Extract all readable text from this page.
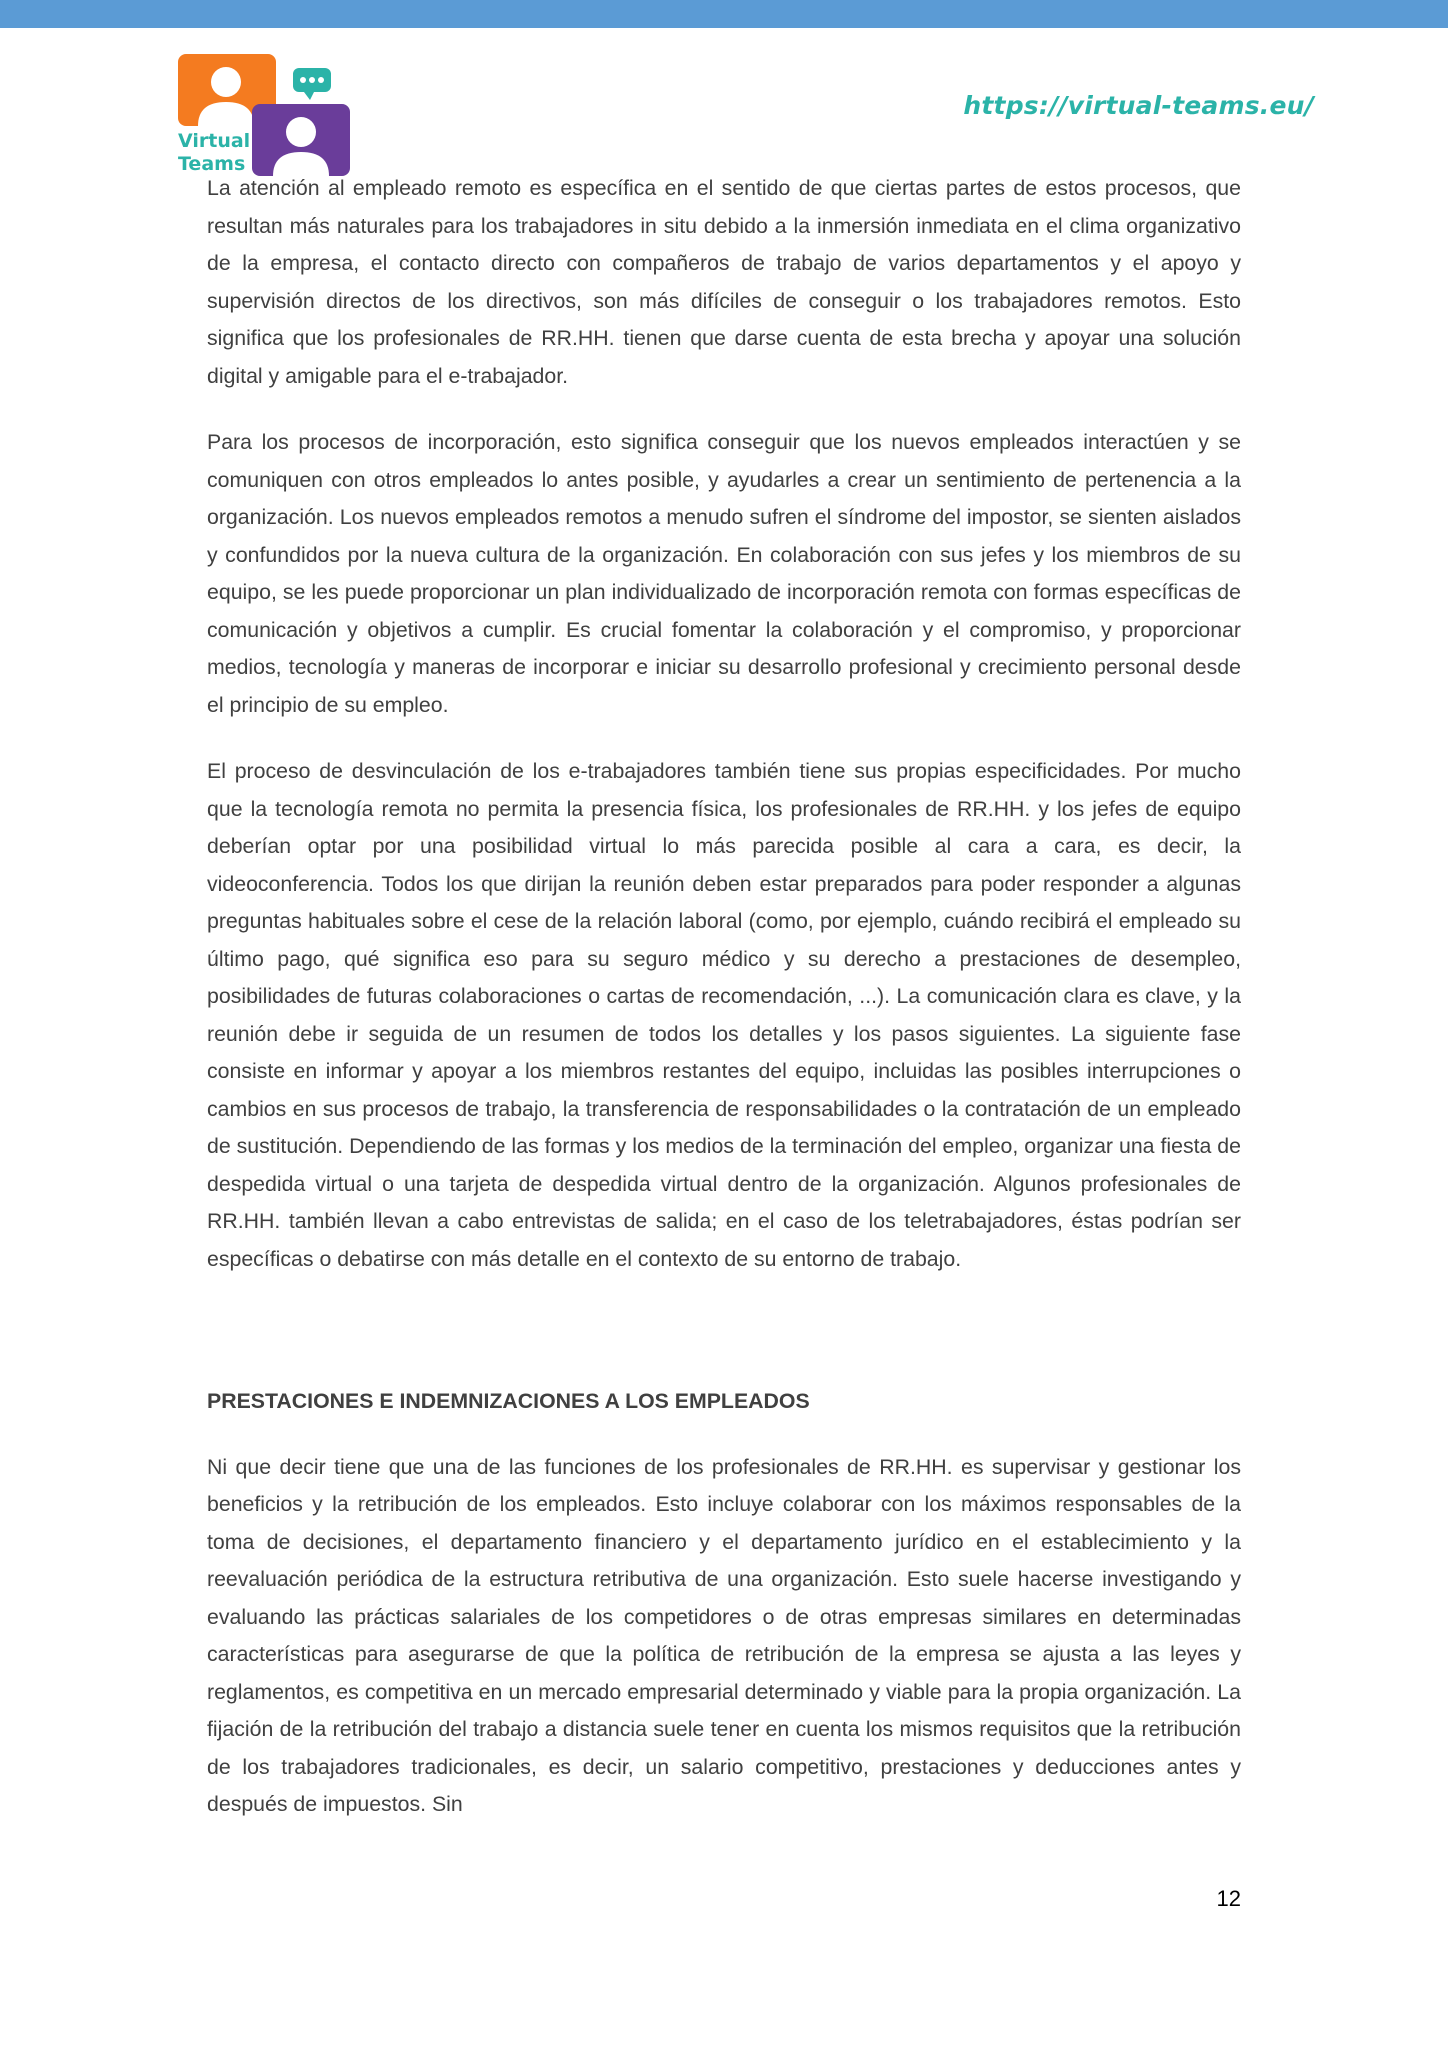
Virtual
Teams
https://virtual-teams.eu/

La atención al empleado remoto es específica en el sentido de que ciertas partes de estos procesos, que resultan más naturales para los trabajadores in situ debido a la inmersión inmediata en el clima organizativo de la empresa, el contacto directo con compañeros de trabajo de varios departamentos y el apoyo y supervisión directos de los directivos, son más difíciles de conseguir o los trabajadores remotos. Esto significa que los profesionales de RR.HH. tienen que darse cuenta de esta brecha y apoyar una solución digital y amigable para el e-trabajador.

Para los procesos de incorporación, esto significa conseguir que los nuevos empleados interactúen y se comuniquen con otros empleados lo antes posible, y ayudarles a crear un sentimiento de pertenencia a la organización. Los nuevos empleados remotos a menudo sufren el síndrome del impostor, se sienten aislados y confundidos por la nueva cultura de la organización. En colaboración con sus jefes y los miembros de su equipo, se les puede proporcionar un plan individualizado de incorporación remota con formas específicas de comunicación y objetivos a cumplir. Es crucial fomentar la colaboración y el compromiso, y proporcionar medios, tecnología y maneras de incorporar e iniciar su desarrollo profesional y crecimiento personal desde el principio de su empleo.

El proceso de desvinculación de los e-trabajadores también tiene sus propias especificidades. Por mucho que la tecnología remota no permita la presencia física, los profesionales de RR.HH. y los jefes de equipo deberían optar por una posibilidad virtual lo más parecida posible al cara a cara, es decir, la videoconferencia. Todos los que dirijan la reunión deben estar preparados para poder responder a algunas preguntas habituales sobre el cese de la relación laboral (como, por ejemplo, cuándo recibirá el empleado su último pago, qué significa eso para su seguro médico y su derecho a prestaciones de desempleo, posibilidades de futuras colaboraciones o cartas de recomendación, ...). La comunicación clara es clave, y la reunión debe ir seguida de un resumen de todos los detalles y los pasos siguientes. La siguiente fase consiste en informar y apoyar a los miembros restantes del equipo, incluidas las posibles interrupciones o cambios en sus procesos de trabajo, la transferencia de responsabilidades o la contratación de un empleado de sustitución. Dependiendo de las formas y los medios de la terminación del empleo, organizar una fiesta de despedida virtual o una tarjeta de despedida virtual dentro de la organización. Algunos profesionales de RR.HH. también llevan a cabo entrevistas de salida; en el caso de los teletrabajadores, éstas podrían ser específicas o debatirse con más detalle en el contexto de su entorno de trabajo.

PRESTACIONES E INDEMNIZACIONES A LOS EMPLEADOS

Ni que decir tiene que una de las funciones de los profesionales de RR.HH. es supervisar y gestionar los beneficios y la retribución de los empleados. Esto incluye colaborar con los máximos responsables de la toma de decisiones, el departamento financiero y el departamento jurídico en el establecimiento y la reevaluación periódica de la estructura retributiva de una organización. Esto suele hacerse investigando y evaluando las prácticas salariales de los competidores o de otras empresas similares en determinadas características para asegurarse de que la política de retribución de la empresa se ajusta a las leyes y reglamentos, es competitiva en un mercado empresarial determinado y viable para la propia organización. La fijación de la retribución del trabajo a distancia suele tener en cuenta los mismos requisitos que la retribución de los trabajadores tradicionales, es decir, un salario competitivo, prestaciones y deducciones antes y después de impuestos. Sin

12
